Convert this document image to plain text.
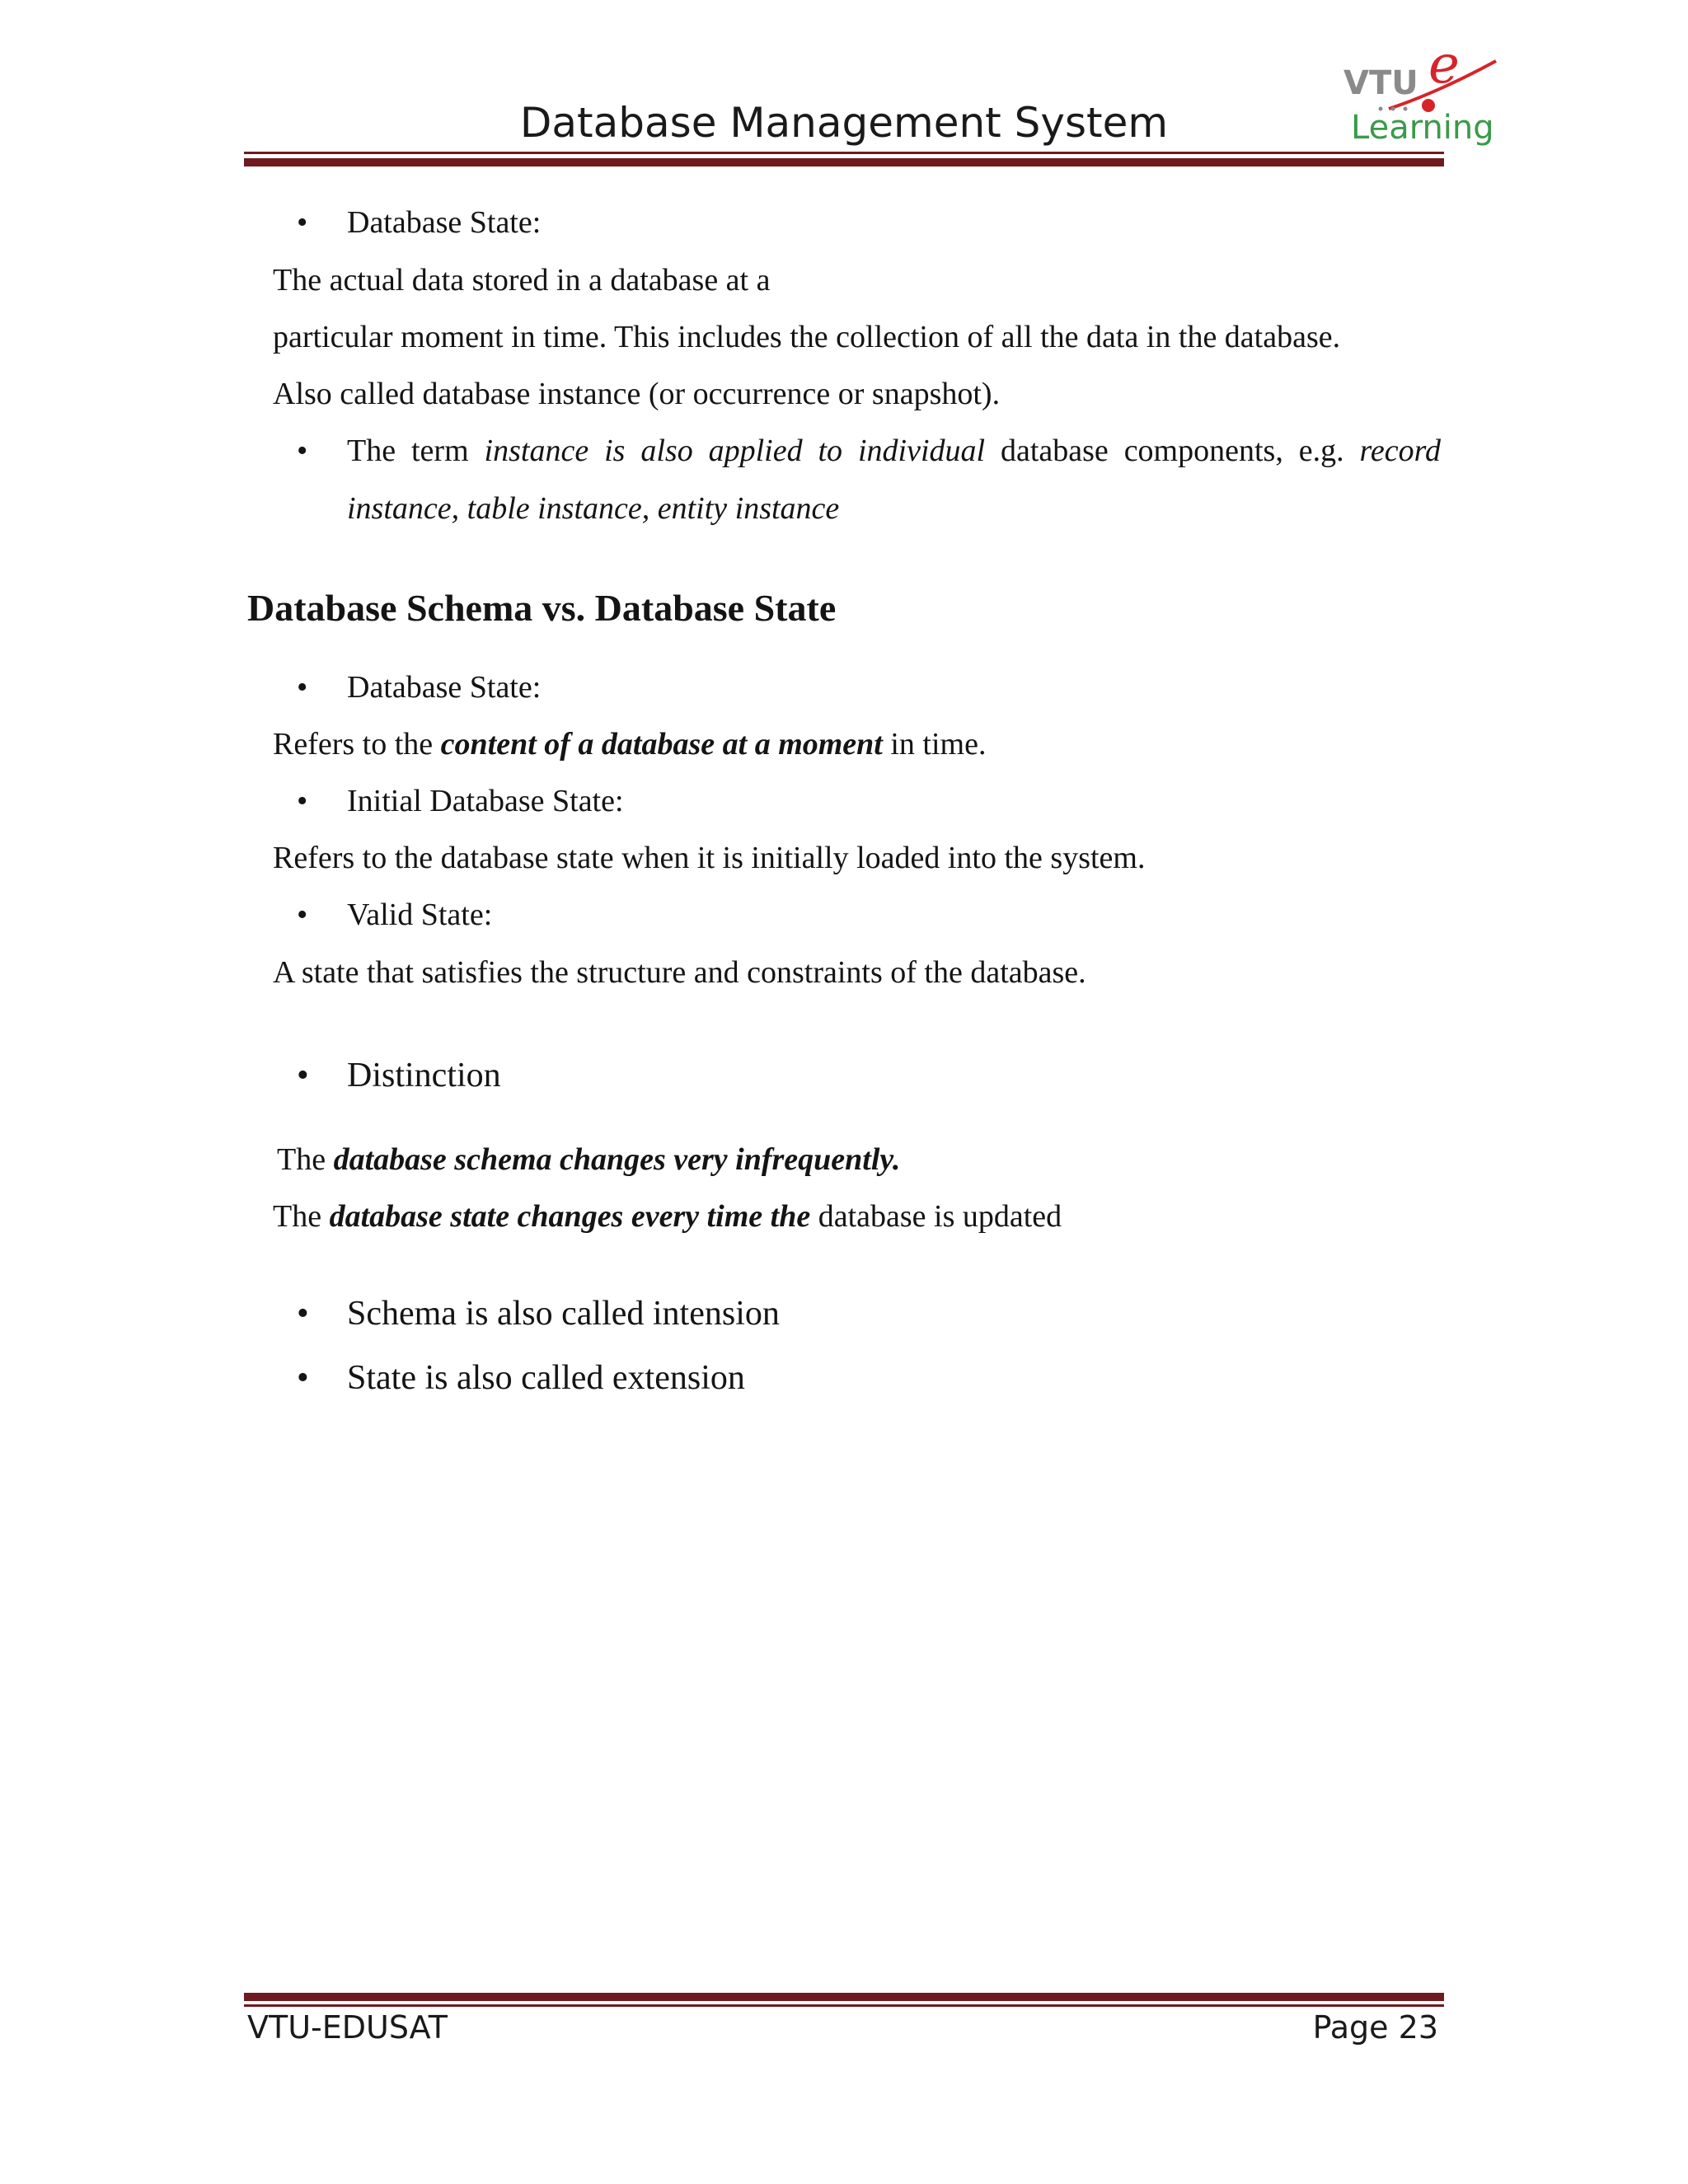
Database Management System
VTU e
Learning
• Database State:
The actual data stored in a database at a
particular moment in time. This includes the collection of all the data in the database.
Also called database instance (or occurrence or snapshot).
• The term instance is also applied to individual database components, e.g. record
instance, table instance, entity instance
Database Schema vs. Database State
• Database State:
Refers to the content of a database at a moment in time.
• Initial Database State:
Refers to the database state when it is initially loaded into the system.
• Valid State:
A state that satisfies the structure and constraints of the database.
• Distinction
The database schema changes very infrequently.
The database state changes every time the database is updated
• Schema is also called intension
• State is also called extension
VTU-EDUSAT	Page 23
